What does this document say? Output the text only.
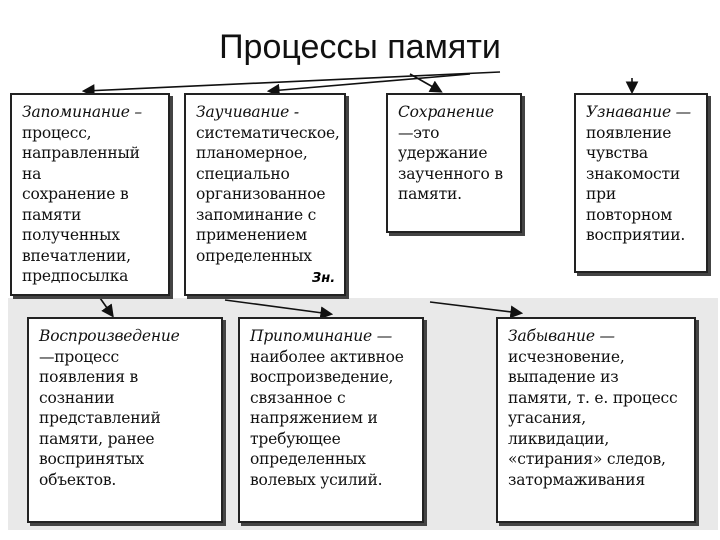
Процессы памяти
Запоминание –
процесс,
направленный на
сохранение в
памяти
полученных
впечатлении,
предпосылка
Заучивание -
систематическое,
планомерное,
специально
организованное
запоминание с
применением
определенных
Зн.
Сохранение
—это
удержание
заученного в
памяти.
Узнавание —
появление
чувства
знакомости
при
повторном
восприятии.
Воспроизведение
—процесс
появления в
сознании
представлений
памяти, ранее
воспринятых
объектов.
Припоминание —
наиболее активное
воспроизведение,
связанное с
напряжением и
требующее
определенных
волевых усилий.
Забывание —
исчезновение,
выпадение из
памяти, т. е. процесс
угасания,
ликвидации,
«стирания» следов,
затормаживания
